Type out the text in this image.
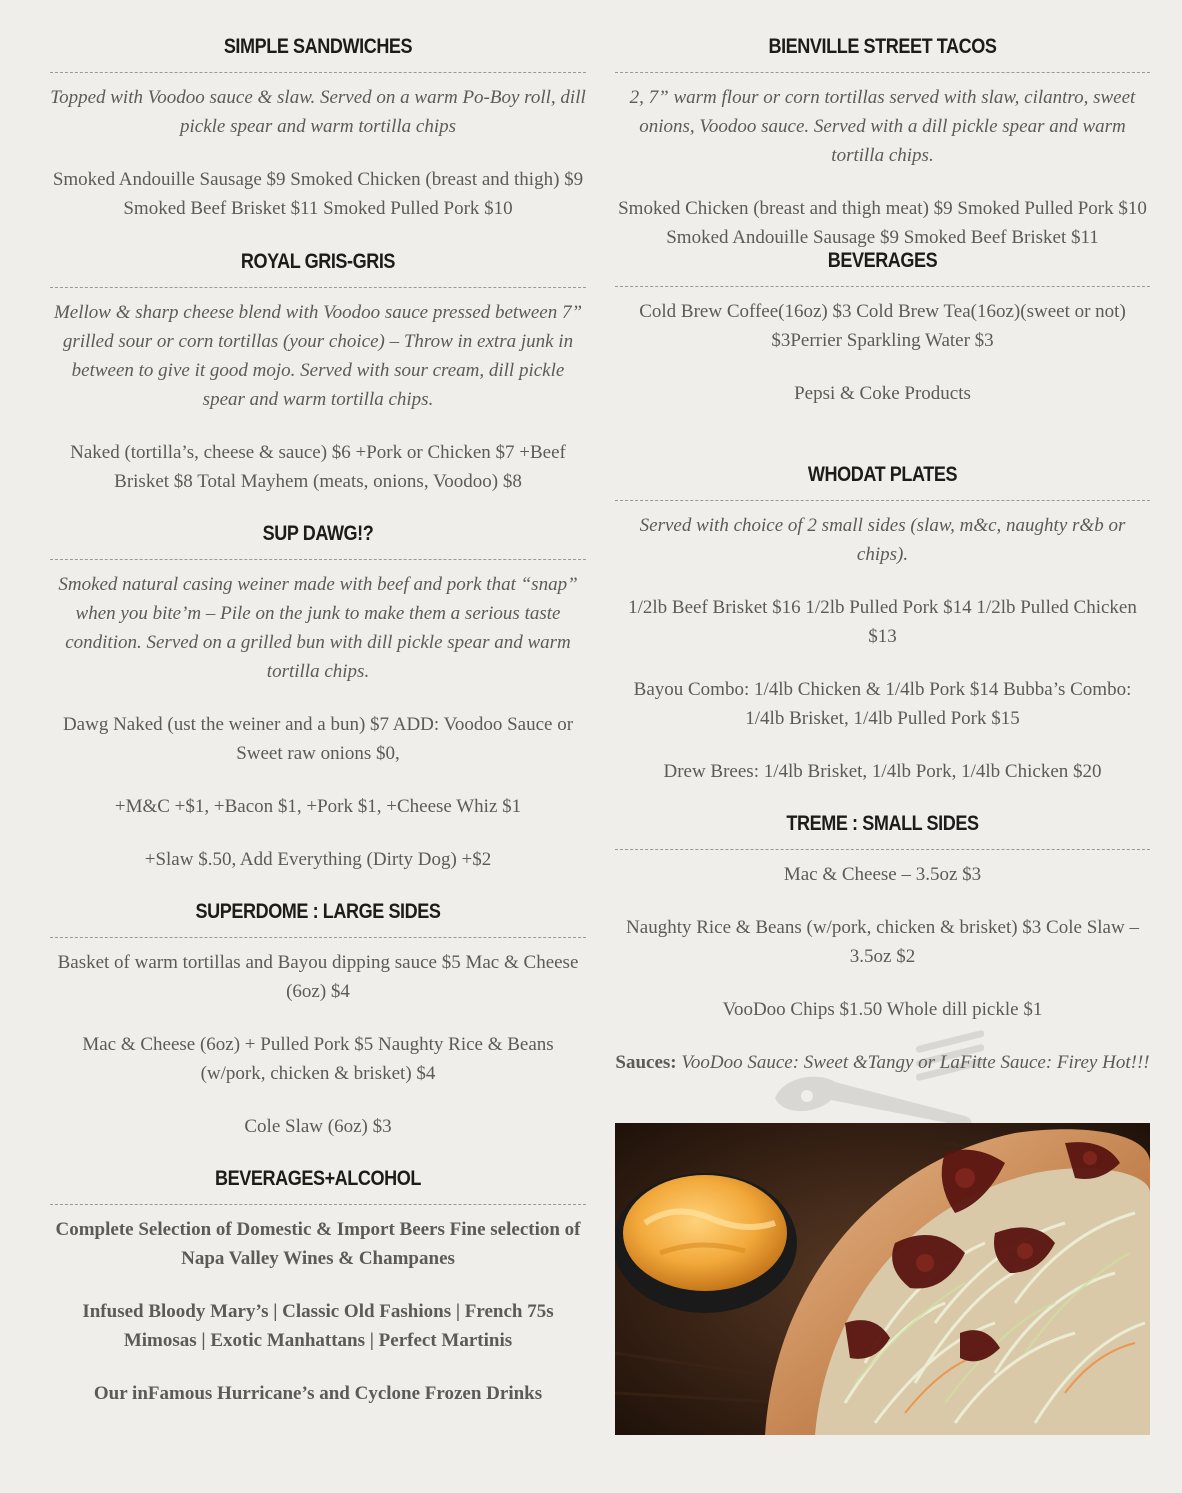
SIMPLE SANDWICHES

Topped with Voodoo sauce & slaw. Served on a warm Po-Boy roll, dill pickle spear and warm tortilla chips

Smoked Andouille Sausage $9 Smoked Chicken (breast and thigh) $9 Smoked Beef Brisket $11 Smoked Pulled Pork $10

ROYAL GRIS-GRIS

Mellow & sharp cheese blend with Voodoo sauce pressed between 7” grilled sour or corn tortillas (your choice) – Throw in extra junk in between to give it good mojo. Served with sour cream, dill pickle spear and warm tortilla chips.

Naked (tortilla’s, cheese & sauce) $6 +Pork or Chicken $7 +Beef Brisket $8 Total Mayhem (meats, onions, Voodoo) $8

SUP DAWG!?

Smoked natural casing weiner made with beef and pork that “snap” when you bite’m – Pile on the junk to make them a serious taste condition. Served on a grilled bun with dill pickle spear and warm tortilla chips.

Dawg Naked (ust the weiner and a bun) $7 ADD: Voodoo Sauce or Sweet raw onions $0,

+M&C +$1, +Bacon $1, +Pork $1, +Cheese Whiz $1

+Slaw $.50, Add Everything (Dirty Dog) +$2

SUPERDOME : LARGE SIDES

Basket of warm tortillas and Bayou dipping sauce $5 Mac & Cheese (6oz) $4

Mac & Cheese (6oz) + Pulled Pork $5 Naughty Rice & Beans (w/pork, chicken & brisket) $4

Cole Slaw (6oz) $3

BEVERAGES+ALCOHOL

Complete Selection of Domestic & Import Beers Fine selection of Napa Valley Wines & Champanes

Infused Bloody Mary’s | Classic Old Fashions | French 75s Mimosas | Exotic Manhattans | Perfect Martinis

Our inFamous Hurricane’s and Cyclone Frozen Drinks

BIENVILLE STREET TACOS

2, 7” warm flour or corn tortillas served with slaw, cilantro, sweet onions, Voodoo sauce. Served with a dill pickle spear and warm tortilla chips.

Smoked Chicken (breast and thigh meat) $9 Smoked Pulled Pork $10 Smoked Andouille Sausage $9 Smoked Beef Brisket $11

BEVERAGES

Cold Brew Coffee(16oz) $3 Cold Brew Tea(16oz)(sweet or not) $3Perrier Sparkling Water $3

Pepsi & Coke Products

WHODAT PLATES

Served with choice of 2 small sides (slaw, m&c, naughty r&b or chips).

1/2lb Beef Brisket $16 1/2lb Pulled Pork $14 1/2lb Pulled Chicken $13

Bayou Combo: 1/4lb Chicken & 1/4lb Pork $14 Bubba’s Combo: 1/4lb Brisket, 1/4lb Pulled Pork $15

Drew Brees: 1/4lb Brisket, 1/4lb Pork, 1/4lb Chicken $20

TREME : SMALL SIDES

Mac & Cheese – 3.5oz $3

Naughty Rice & Beans (w/pork, chicken & brisket) $3 Cole Slaw – 3.5oz $2

VooDoo Chips $1.50 Whole dill pickle $1

Sauces: VooDoo Sauce: Sweet &Tangy or LaFitte Sauce: Firey Hot!!!
